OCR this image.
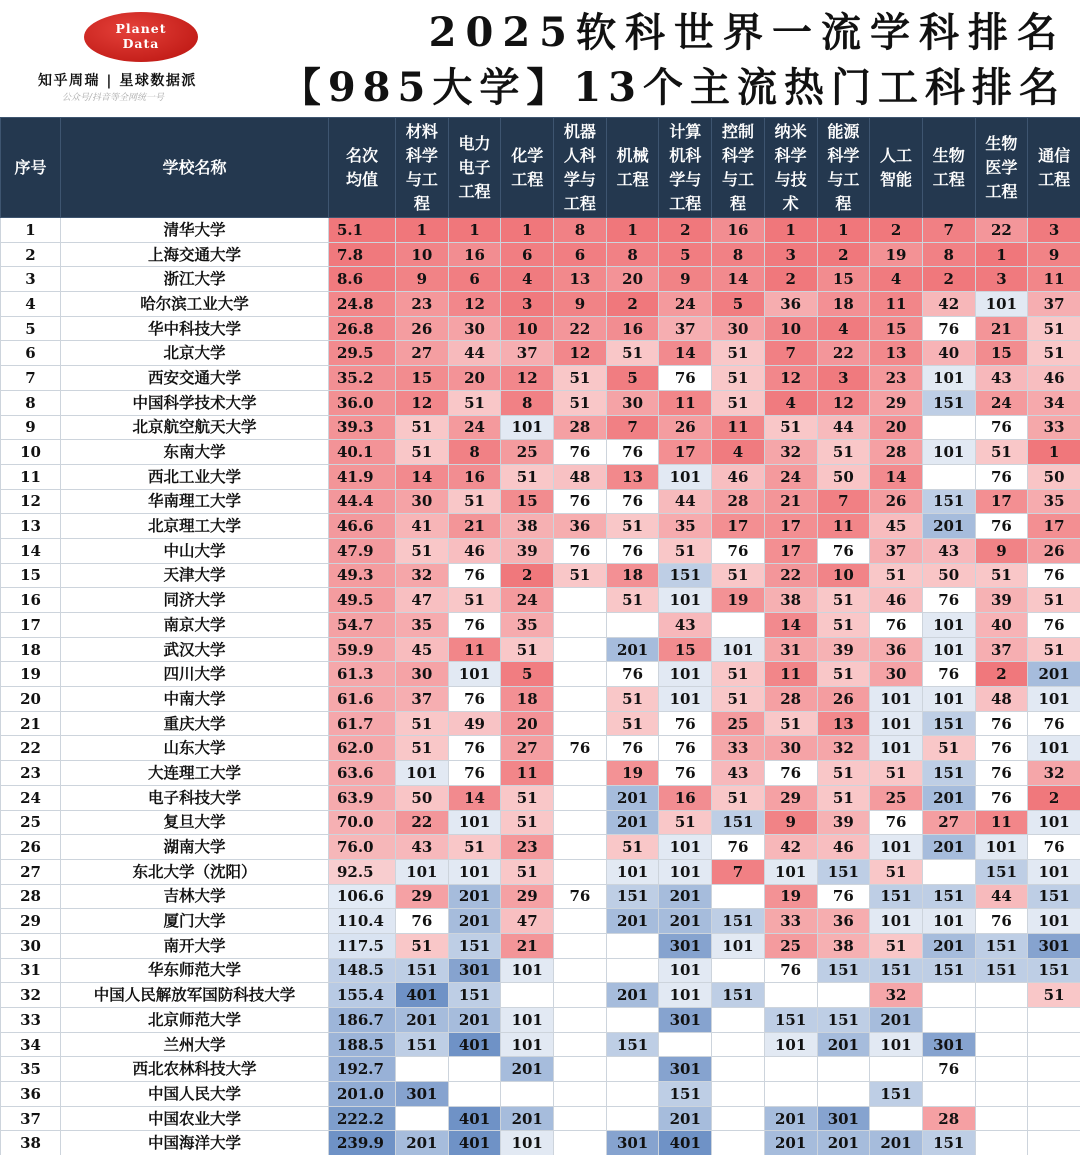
Planet
Data
知乎周瑞 | 星球数据派
公众号/抖音等全网统一号
2025软科世界一流学科排名
【985大学】13个主流热门工科排名
序号	学校名称	名次均值	材料科学与工程	电力电子工程	化学工程	机器人科学与工程	机械工程	计算机科学与工程	控制科学与工程	纳米科学与技术	能源科学与工程	人工智能	生物工程	生物医学工程	通信工程
1	清华大学	5.1	1	1	1	8	1	2	16	1	1	2	7	22	3
2	上海交通大学	7.8	10	16	6	6	8	5	8	3	2	19	8	1	9
3	浙江大学	8.6	9	6	4	13	20	9	14	2	15	4	2	3	11
4	哈尔滨工业大学	24.8	23	12	3	9	2	24	5	36	18	11	42	101	37
5	华中科技大学	26.8	26	30	10	22	16	37	30	10	4	15	76	21	51
6	北京大学	29.5	27	44	37	12	51	14	51	7	22	13	40	15	51
7	西安交通大学	35.2	15	20	12	51	5	76	51	12	3	23	101	43	46
8	中国科学技术大学	36.0	12	51	8	51	30	11	51	4	12	29	151	24	34
9	北京航空航天大学	39.3	51	24	101	28	7	26	11	51	44	20		76	33
10	东南大学	40.1	51	8	25	76	76	17	4	32	51	28	101	51	1
11	西北工业大学	41.9	14	16	51	48	13	101	46	24	50	14		76	50
12	华南理工大学	44.4	30	51	15	76	76	44	28	21	7	26	151	17	35
13	北京理工大学	46.6	41	21	38	36	51	35	17	17	11	45	201	76	17
14	中山大学	47.9	51	46	39	76	76	51	76	17	76	37	43	9	26
15	天津大学	49.3	32	76	2	51	18	151	51	22	10	51	50	51	76
16	同济大学	49.5	47	51	24		51	101	19	38	51	46	76	39	51
17	南京大学	54.7	35	76	35			43		14	51	76	101	40	76
18	武汉大学	59.9	45	11	51		201	15	101	31	39	36	101	37	51
19	四川大学	61.3	30	101	5		76	101	51	11	51	30	76	2	201
20	中南大学	61.6	37	76	18		51	101	51	28	26	101	101	48	101
21	重庆大学	61.7	51	49	20		51	76	25	51	13	101	151	76	76
22	山东大学	62.0	51	76	27	76	76	76	33	30	32	101	51	76	101
23	大连理工大学	63.6	101	76	11		19	76	43	76	51	51	151	76	32
24	电子科技大学	63.9	50	14	51		201	16	51	29	51	25	201	76	2
25	复旦大学	70.0	22	101	51		201	51	151	9	39	76	27	11	101
26	湖南大学	76.0	43	51	23		51	101	76	42	46	101	201	101	76
27	东北大学（沈阳）	92.5	101	101	51		101	101	7	101	151	51		151	101
28	吉林大学	106.6	29	201	29	76	151	201		19	76	151	151	44	151
29	厦门大学	110.4	76	201	47		201	201	151	33	36	101	101	76	101
30	南开大学	117.5	51	151	21			301	101	25	38	51	201	151	301
31	华东师范大学	148.5	151	301	101			101		76	151	151	151	151	151
32	中国人民解放军国防科技大学	155.4	401	151			201	101	151			32			51
33	北京师范大学	186.7	201	201	101			301		151	151	201			
34	兰州大学	188.5	151	401	101		151			101	201	101	301		
35	西北农林科技大学	192.7			201			301					76		
36	中国人民大学	201.0	301					151				151			
37	中国农业大学	222.2		401	201			201		201	301		28		
38	中国海洋大学	239.9	201	401	101		301	401		201	201	201	151		
